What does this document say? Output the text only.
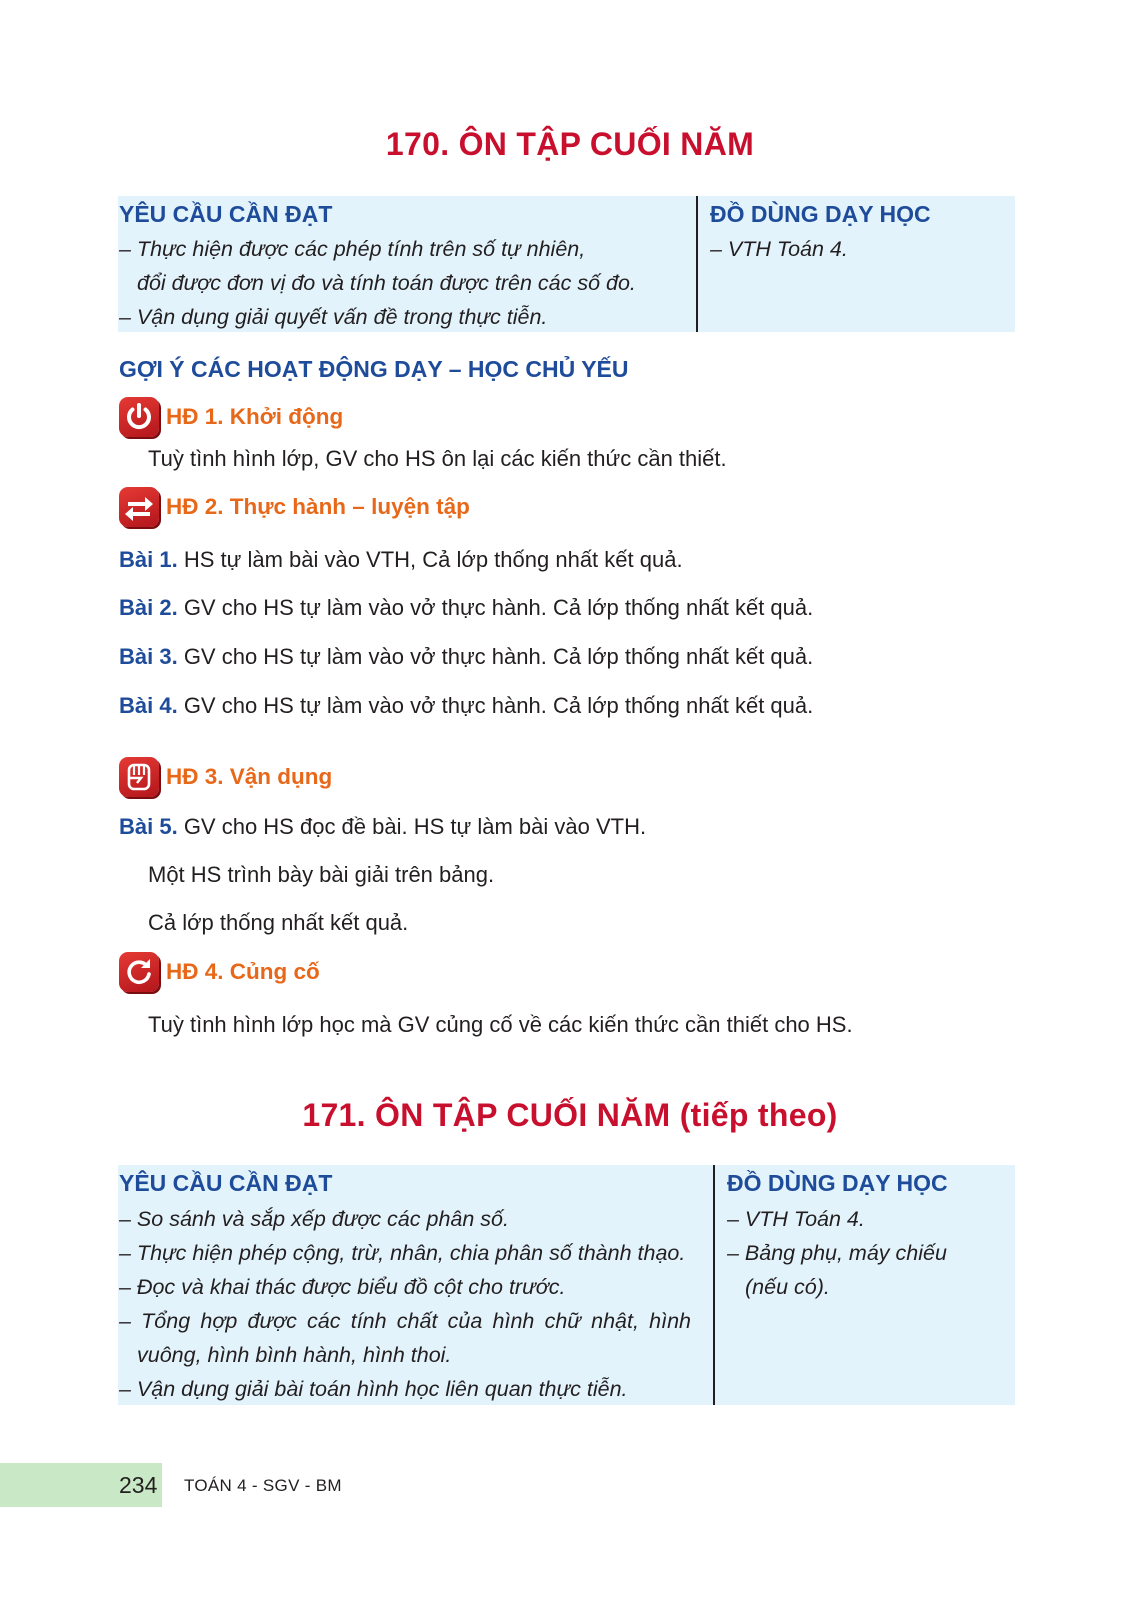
170. ÔN TẬP CUỐI NĂM
YÊU CẦU CẦN ĐẠT
– Thực hiện được các phép tính trên số tự nhiên,
đổi được đơn vị đo và tính toán được trên các số đo.
– Vận dụng giải quyết vấn đề trong thực tiễn.
ĐỒ DÙNG DẠY HỌC
– VTH Toán 4.
GỢI Ý CÁC HOẠT ĐỘNG DẠY – HỌC CHỦ YẾU
HĐ 1. Khởi động
Tuỳ tình hình lớp, GV cho HS ôn lại các kiến thức cần thiết.
HĐ 2. Thực hành – luyện tập
Bài 1. HS tự làm bài vào VTH, Cả lớp thống nhất kết quả.
Bài 2. GV cho HS tự làm vào vở thực hành. Cả lớp thống nhất kết quả.
Bài 3. GV cho HS tự làm vào vở thực hành. Cả lớp thống nhất kết quả.
Bài 4. GV cho HS tự làm vào vở thực hành. Cả lớp thống nhất kết quả.
HĐ 3. Vận dụng
Bài 5. GV cho HS đọc đề bài. HS tự làm bài vào VTH.
Một HS trình bày bài giải trên bảng.
Cả lớp thống nhất kết quả.
HĐ 4. Củng cố
Tuỳ tình hình lớp học mà GV củng cố về các kiến thức cần thiết cho HS.
171. ÔN TẬP CUỐI NĂM (tiếp theo)
YÊU CẦU CẦN ĐẠT
– So sánh và sắp xếp được các phân số.
– Thực hiện phép cộng, trừ, nhân, chia phân số thành thạo.
– Đọc và khai thác được biểu đồ cột cho trước.
– Tổng hợp được các tính chất của hình chữ nhật, hình
vuông, hình bình hành, hình thoi.
– Vận dụng giải bài toán hình học liên quan thực tiễn.
ĐỒ DÙNG DẠY HỌC
– VTH Toán 4.
– Bảng phụ, máy chiếu
(nếu có).
234 TOÁN 4 - SGV - BM
